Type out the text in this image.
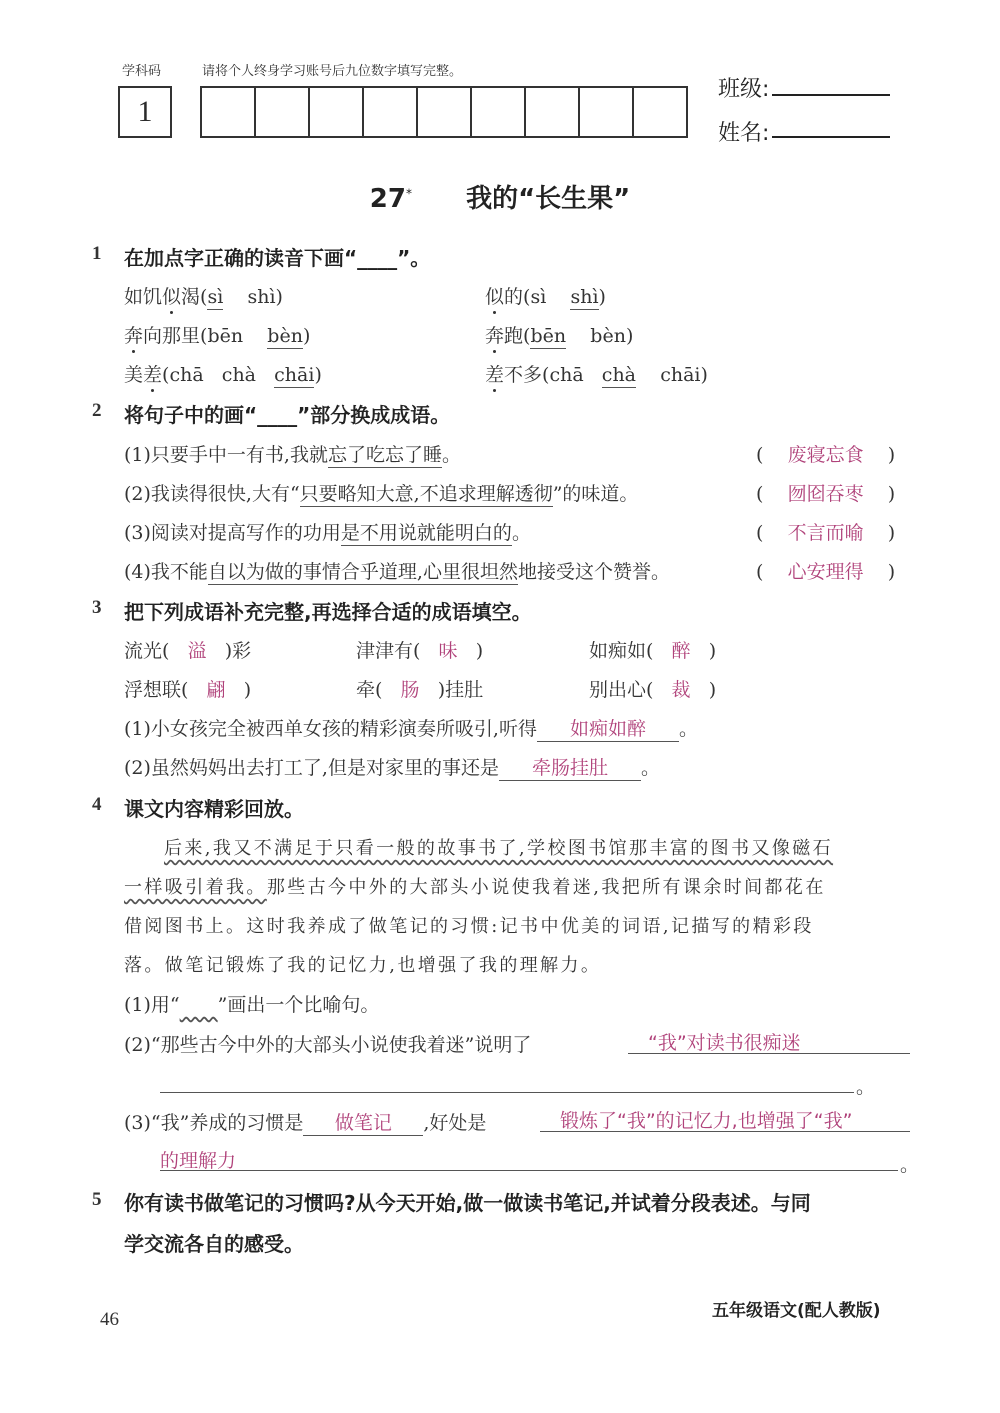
学科码	请将个人终身学习账号后九位数字填写完整。
1
班级:
姓名:
27* 我的“长生果”
1 在加点字正确的读音下画“____”。
如饥似渴(sì shì)	似的(sì shì)
奔向那里(bēn bèn)	奔跑(bēn bèn)
美差(chā chà chāi)	差不多(chā chà chāi)
2 将句子中的画“____”部分换成成语。
(1)只要手中一有书,我就忘了吃忘了睡。	(    废寝忘食    )
(2)我读得很快,大有“只要略知大意,不追求理解透彻”的味道。	(    囫囵吞枣    )
(3)阅读对提高写作的功用是不用说就能明白的。	(    不言而喻    )
(4)我不能自以为做的事情合乎道理,心里很坦然地接受这个赞誉。	(    心安理得    )
3 把下列成语补充完整,再选择合适的成语填空。
流光( 溢 )彩	津津有( 味 )	如痴如( 醉 )
浮想联( 翩 )	牵( 肠 )挂肚	别出心( 裁 )
(1)小女孩完全被西单女孩的精彩演奏所吸引,听得 如痴如醉 。
(2)虽然妈妈出去打工了,但是对家里的事还是 牵肠挂肚 。
4 课文内容精彩回放。
后来,我又不满足于只看一般的故事书了,学校图书馆那丰富的图书又像磁石
一样吸引着我。那些古今中外的大部头小说使我着迷,我把所有课余时间都花在
借阅图书上。这时我养成了做笔记的习惯:记书中优美的词语,记描写的精彩段
落。做笔记锻炼了我的记忆力,也增强了我的理解力。
(1)用“ ”画出一个比喻句。
(2)“那些古今中外的大部头小说使我着迷”说明了	“我”对读书很痴迷
。
(3)“我”养成的习惯是 做笔记 ,好处是	锻炼了“我”的记忆力,也增强了“我”
的理解力	。
5 你有读书做笔记的习惯吗?从今天开始,做一做读书笔记,并试着分段表述。与同
学交流各自的感受。
46	五年级语文(配人教版)
